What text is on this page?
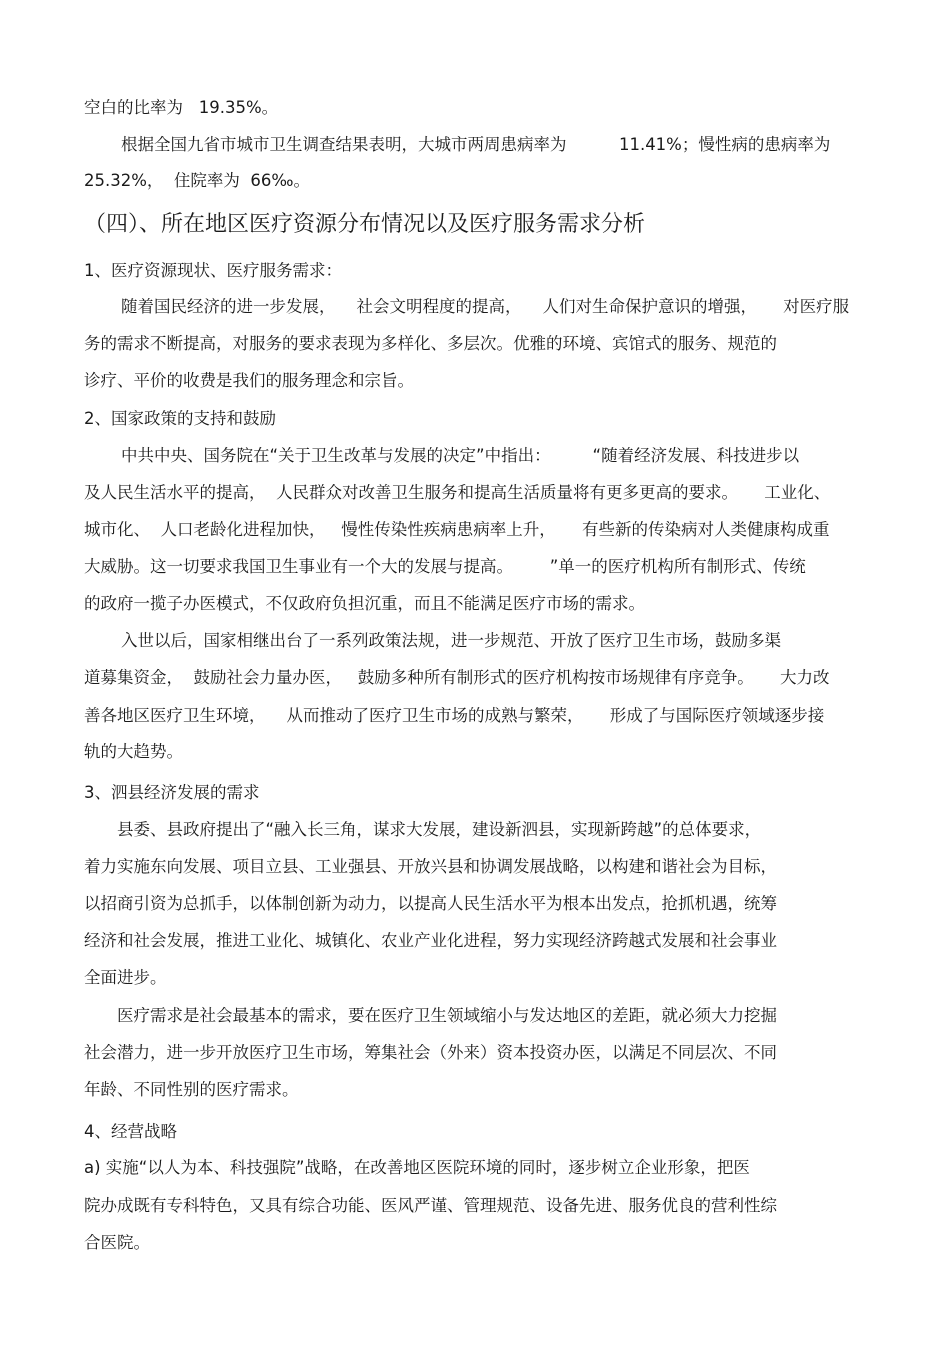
空白的比率为   19.35%。

根据全国九省市城市卫生调查结果表明，大城市两周患病率为          11.41%；慢性病的患病率为

25.32%，  住院率为  66‰。

（四）、所在地区医疗资源分布情况以及医疗服务需求分析

1、医疗资源现状、医疗服务需求：

随着国民经济的进一步发展，    社会文明程度的提高，    人们对生命保护意识的增强，     对医疗服

务的需求不断提高，对服务的要求表现为多样化、多层次。优雅的环境、宾馆式的服务、规范的

诊疗、平价的收费是我们的服务理念和宗旨。

2、国家政策的支持和鼓励

中共中央、国务院在“关于卫生改革与发展的决定”中指出：        “随着经济发展、科技进步以

及人民生活水平的提高，  人民群众对改善卫生服务和提高生活质量将有更多更高的要求。     工业化、

城市化、  人口老龄化进程加快，   慢性传染性疾病患病率上升，     有些新的传染病对人类健康构成重

大威胁。这一切要求我国卫生事业有一个大的发展与提高。       ”单一的医疗机构所有制形式、传统

的政府一揽子办医模式，不仅政府负担沉重，而且不能满足医疗市场的需求。

入世以后，国家相继出台了一系列政策法规，进一步规范、开放了医疗卫生市场，鼓励多渠

道募集资金，  鼓励社会力量办医，   鼓励多种所有制形式的医疗机构按市场规律有序竞争。     大力改

善各地区医疗卫生环境，    从而推动了医疗卫生市场的成熟与繁荣，     形成了与国际医疗领域逐步接

轨的大趋势。

3、泗县经济发展的需求

县委、县政府提出了“融入长三角，谋求大发展，建设新泗县，实现新跨越”的总体要求，

着力实施东向发展、项目立县、工业强县、开放兴县和协调发展战略，以构建和谐社会为目标，

以招商引资为总抓手，以体制创新为动力，以提高人民生活水平为根本出发点，抢抓机遇，统筹

经济和社会发展，推进工业化、城镇化、农业产业化进程，努力实现经济跨越式发展和社会事业

全面进步。

医疗需求是社会最基本的需求，要在医疗卫生领域缩小与发达地区的差距，就必须大力挖掘

社会潜力，进一步开放医疗卫生市场，筹集社会（外来）资本投资办医，以满足不同层次、不同

年龄、不同性别的医疗需求。

4、经营战略

a) 实施“以人为本、科技强院”战略，在改善地区医院环境的同时，逐步树立企业形象，把医

院办成既有专科特色，又具有综合功能、医风严谨、管理规范、设备先进、服务优良的营利性综

合医院。
